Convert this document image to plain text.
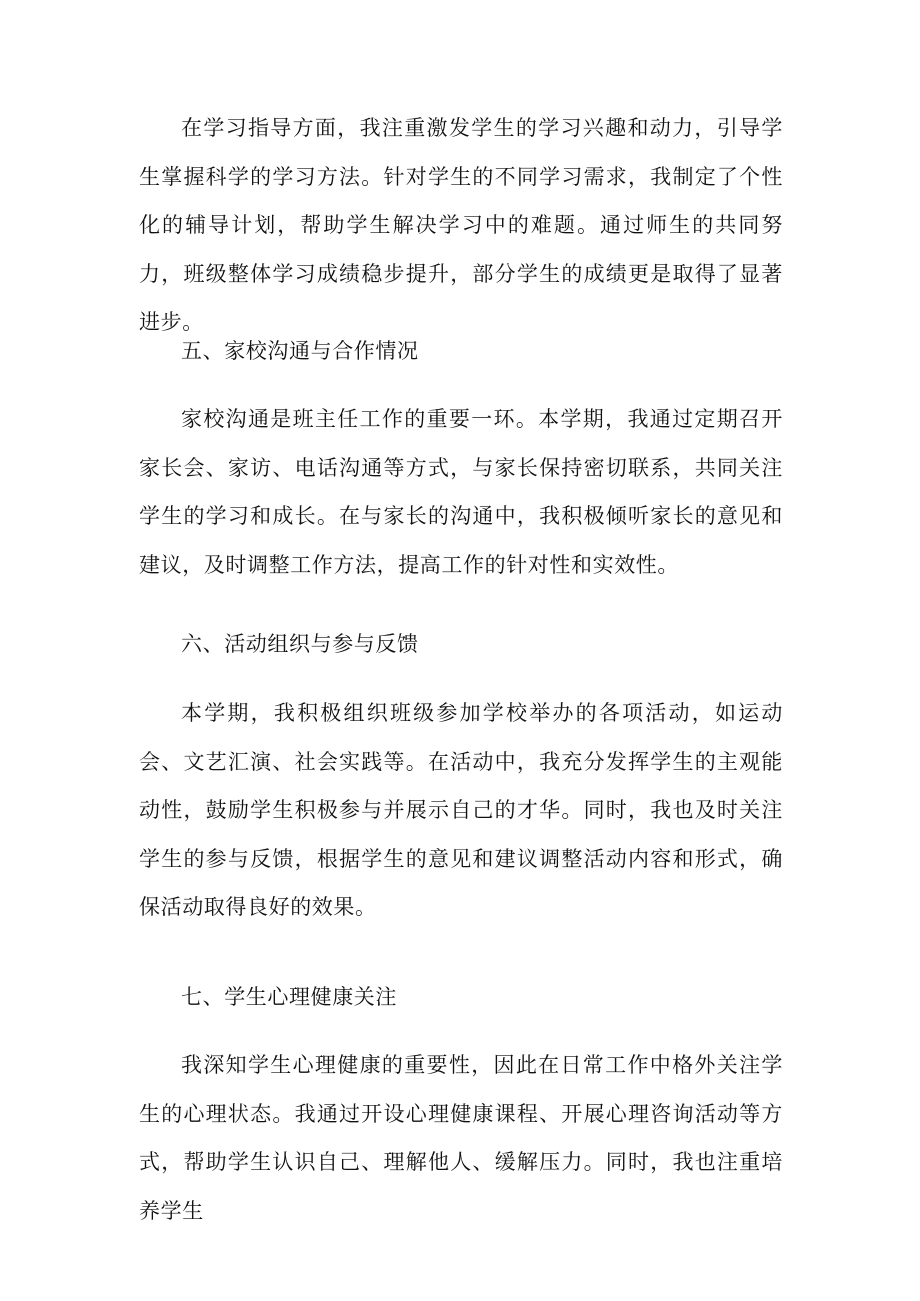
在学习指导方面，我注重激发学生的学习兴趣和动力，引导学生掌握科学的学习方法。针对学生的不同学习需求，我制定了个性化的辅导计划，帮助学生解决学习中的难题。通过师生的共同努力，班级整体学习成绩稳步提升，部分学生的成绩更是取得了显著进步。

五、家校沟通与合作情况

家校沟通是班主任工作的重要一环。本学期，我通过定期召开家长会、家访、电话沟通等方式，与家长保持密切联系，共同关注学生的学习和成长。在与家长的沟通中，我积极倾听家长的意见和建议，及时调整工作方法，提高工作的针对性和实效性。

六、活动组织与参与反馈

本学期，我积极组织班级参加学校举办的各项活动，如运动会、文艺汇演、社会实践等。在活动中，我充分发挥学生的主观能动性，鼓励学生积极参与并展示自己的才华。同时，我也及时关注学生的参与反馈，根据学生的意见和建议调整活动内容和形式，确保活动取得良好的效果。

七、学生心理健康关注

我深知学生心理健康的重要性，因此在日常工作中格外关注学生的心理状态。我通过开设心理健康课程、开展心理咨询活动等方式，帮助学生认识自己、理解他人、缓解压力。同时，我也注重培养学生
